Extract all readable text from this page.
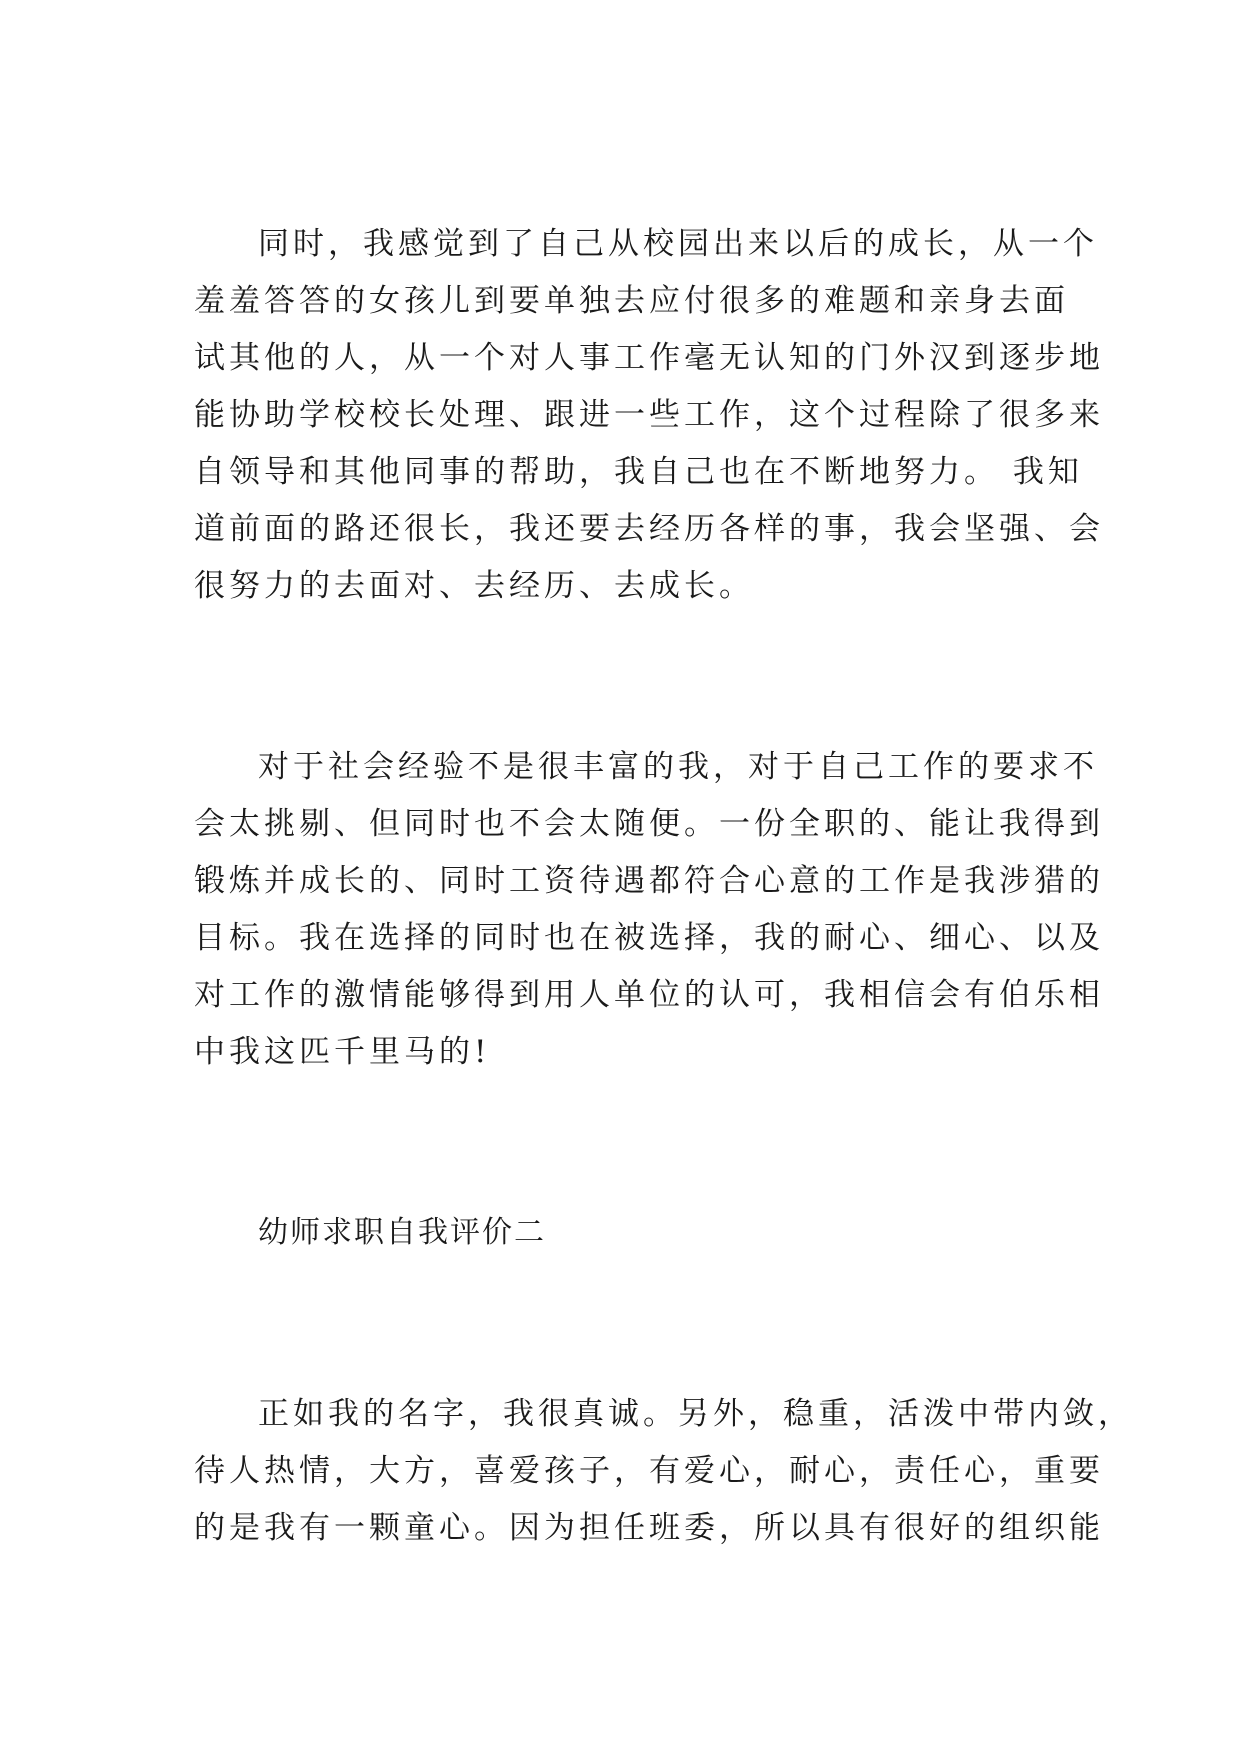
同时，我感觉到了自己从校园出来以后的成长，从一个
羞羞答答的女孩儿到要单独去应付很多的难题和亲身去面
试其他的人，从一个对人事工作毫无认知的门外汉到逐步地
能协助学校校长处理、跟进一些工作，这个过程除了很多来
自领导和其他同事的帮助，我自己也在不断地努力。 我知
道前面的路还很长，我还要去经历各样的事，我会坚强、会
很努力的去面对、去经历、去成长。
对于社会经验不是很丰富的我，对于自己工作的要求不
会太挑剔、但同时也不会太随便。一份全职的、能让我得到
锻炼并成长的、同时工资待遇都符合心意的工作是我涉猎的
目标。我在选择的同时也在被选择，我的耐心、细心、以及
对工作的激情能够得到用人单位的认可，我相信会有伯乐相
中我这匹千里马的!
幼师求职自我评价二
正如我的名字，我很真诚。另外，稳重，活泼中带内敛，
待人热情，大方，喜爱孩子，有爱心，耐心，责任心，重要
的是我有一颗童心。因为担任班委，所以具有很好的组织能
